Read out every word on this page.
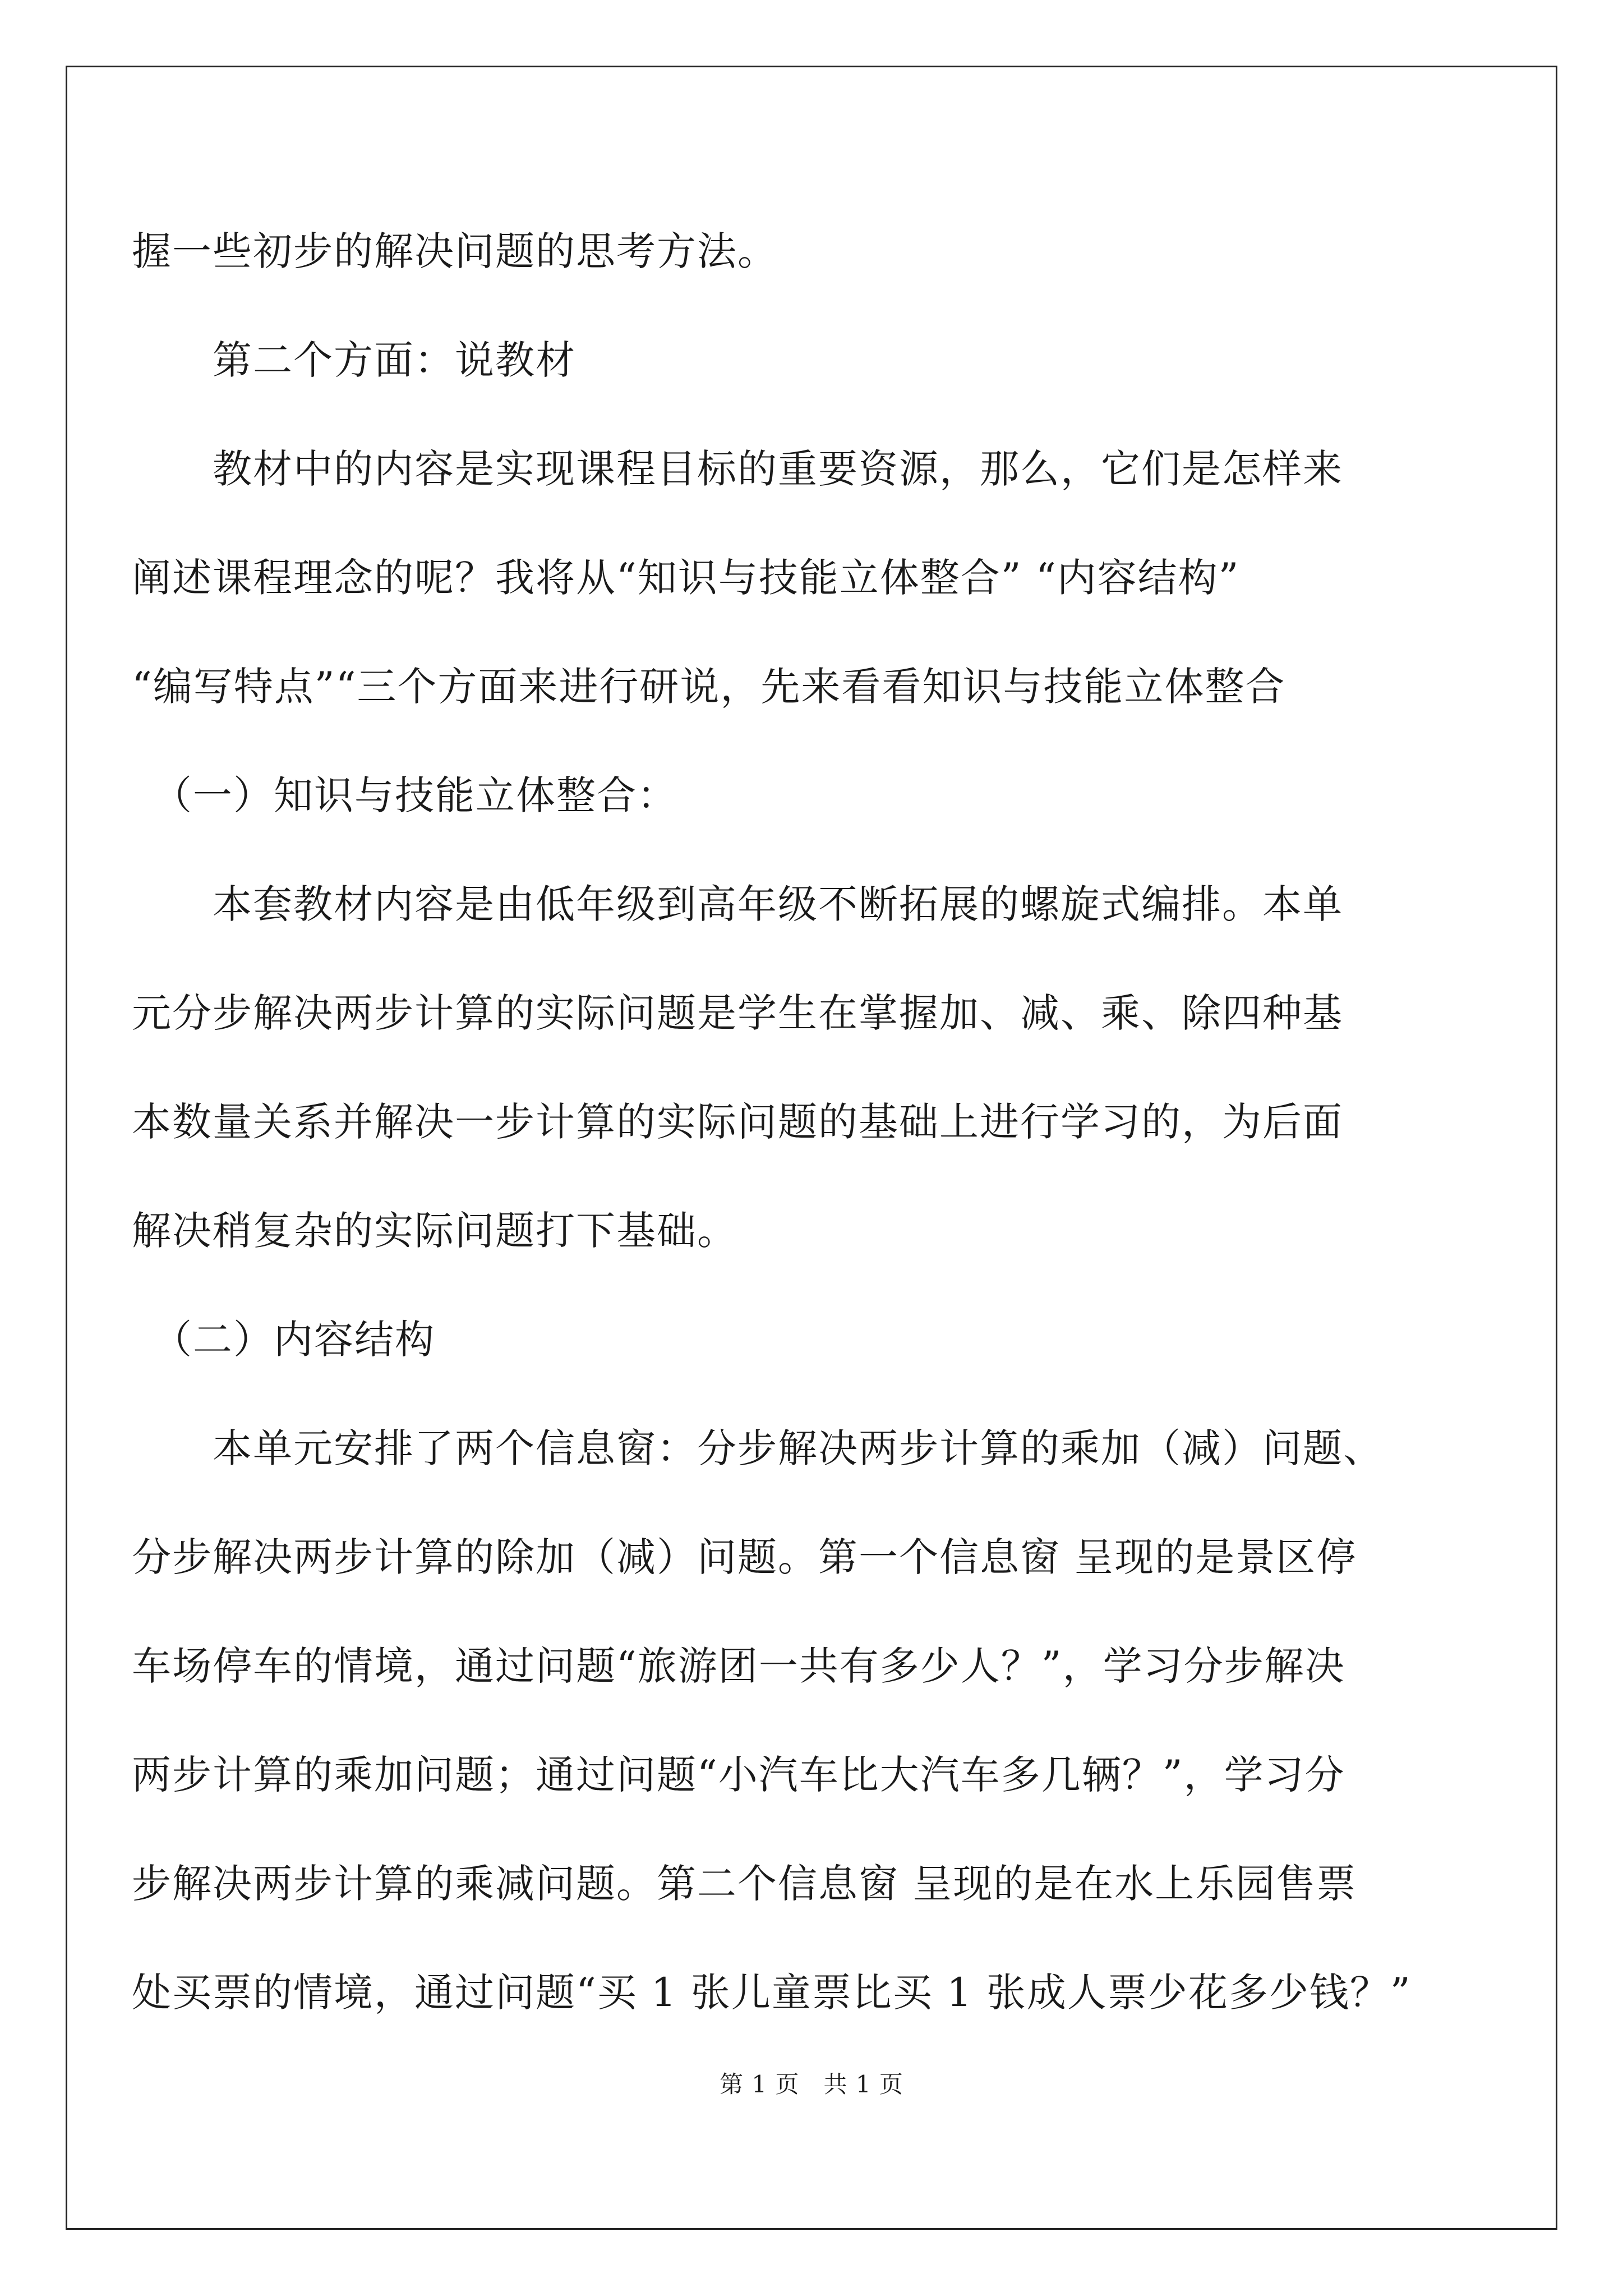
握一些初步的解决问题的思考方法。
　　第二个方面：说教材
　　教材中的内容是实现课程目标的重要资源，那么，它们是怎样来
阐述课程理念的呢？我将从“知识与技能立体整合” “内容结构”
“编写特点”“三个方面来进行研说，先来看看知识与技能立体整合
　（一）知识与技能立体整合：
　　本套教材内容是由低年级到高年级不断拓展的螺旋式编排。本单
元分步解决两步计算的实际问题是学生在掌握加、减、乘、除四种基
本数量关系并解决一步计算的实际问题的基础上进行学习的，为后面
解决稍复杂的实际问题打下基础。
　（二）内容结构
　　本单元安排了两个信息窗：分步解决两步计算的乘加（减）问题、
分步解决两步计算的除加（减）问题。第一个信息窗 呈现的是景区停
车场停车的情境，通过问题“旅游团一共有多少人？”，学习分步解决
两步计算的乘加问题；通过问题“小汽车比大汽车多几辆？”，学习分
步解决两步计算的乘减问题。第二个信息窗 呈现的是在水上乐园售票
处买票的情境，通过问题“买 1 张儿童票比买 1 张成人票少花多少钱？”
第 1 页　共 1 页
